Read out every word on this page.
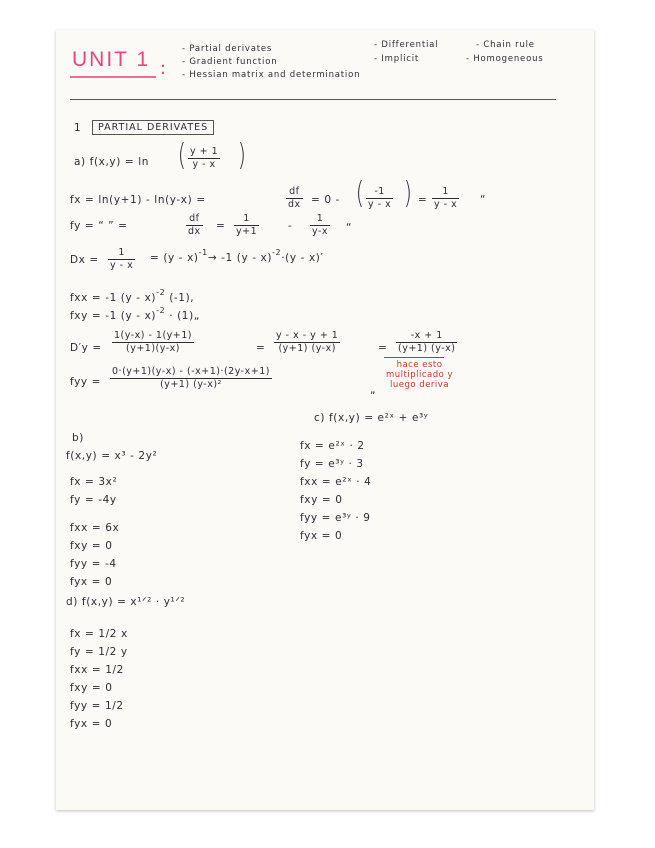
UNIT 1 :
- Partial derivates
- Gradient function
- Hessian matrix and determination
- Differential
- Implicit
- Chain rule
- Homogeneous
1	PARTIAL DERIVATES
a) f(x,y) = ln ( $\frac{y + 1}{y - x}$ )
fx = ln(y+1) - ln(y-x) =	$\frac{df}{dx} = 0$ - ( $\frac{-1}{y - x}$ ) = $\frac{1}{y - x}$ “
fy = “ ” =	$\frac{df}{dx} = \frac{1}{y+1}$	- $\frac{1}{y-x}$ “
$Dx = \frac{1}{y - x} = (y - x)^{-1}\to -1$ (y - x)$^{-2}$·(y - x)′
fxx = -1 (y - x)$^{-2}$ (-1),
fxy = -1 (y - x)$^{-2}$ · (1)„
$D'y = \frac{1(y-x) - 1(y+1)}{(y+1)(y-x)}$	= $\frac{y - x - y + 1}{(y+1) (y-x)}$	= $\frac{-x + 1}{(y+1) (y-x)}$
fyy = $\frac{0\cdot(y+1)(y-x) - (-x+1)\cdot(2y-x+1)}{\text{(y+1) (y-x)²}}$	„
hace esto
multiplicado y
luego deriva
c) f(x,y) = e²ˣ + e³ʸ
fx = e²ˣ · 2
fy = e³ʸ · 3
fxx = e²ˣ · 4
fxy = 0
fyy = e³ʸ · 9
fyx = 0
b)
f(x,y) = x³ - 2y²
fx = 3x²
fy = -4y
fxx = 6x
fxy = 0
fyy = -4
fyx = 0
d) f(x,y) = x¹ᐟ² · y¹ᐟ²
fx = 1/2 x
fy = 1/2 y
fxx = 1/2
fxy = 0
fyy = 1/2
fyx = 0
